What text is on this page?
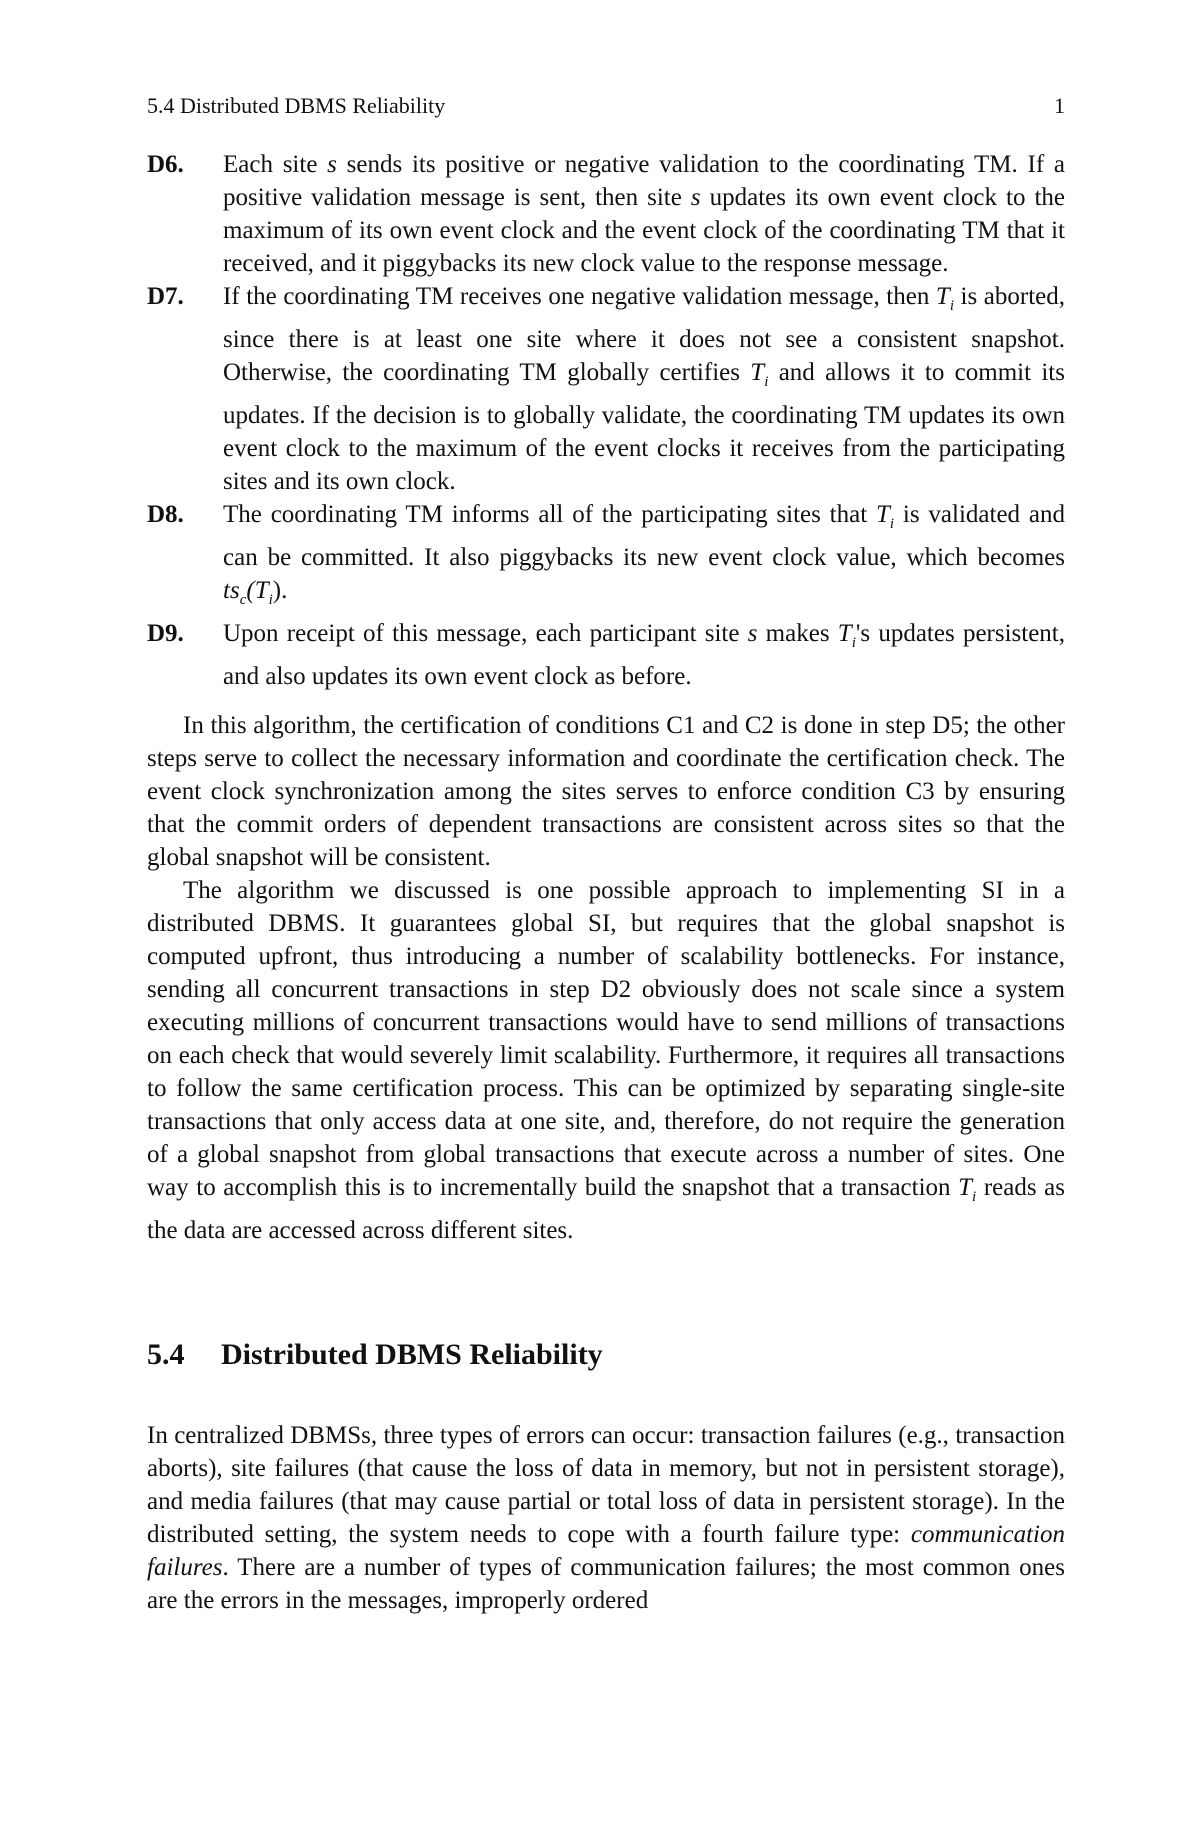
5.4 Distributed DBMS Reliability	1

D6. Each site s sends its positive or negative validation to the coordinating TM. If a positive validation message is sent, then site s updates its own event clock to the maximum of its own event clock and the event clock of the coordinating TM that it received, and it piggybacks its new clock value to the response message.

D7. If the coordinating TM receives one negative validation message, then $T_i$ is aborted, since there is at least one site where it does not see a consistent snapshot. Otherwise, the coordinating TM globally certifies $T_i$ and allows it to commit its updates. If the decision is to globally validate, the coordinating TM updates its own event clock to the maximum of the event clocks it receives from the participating sites and its own clock.

D8. The coordinating TM informs all of the participating sites that $T_i$ is validated and can be committed. It also piggybacks its new event clock value, which becomes $ts_c(T_i)$.

D9. Upon receipt of this message, each participant site s makes $T_i's$ updates persistent, and also updates its own event clock as before.

In this algorithm, the certification of conditions C1 and C2 is done in step D5; the other steps serve to collect the necessary information and coordinate the certification check. The event clock synchronization among the sites serves to enforce condition C3 by ensuring that the commit orders of dependent transactions are consistent across sites so that the global snapshot will be consistent.

The algorithm we discussed is one possible approach to implementing SI in a distributed DBMS. It guarantees global SI, but requires that the global snapshot is computed upfront, thus introducing a number of scalability bottlenecks. For instance, sending all concurrent transactions in step D2 obviously does not scale since a system executing millions of concurrent transactions would have to send millions of transactions on each check that would severely limit scalability. Furthermore, it requires all transactions to follow the same certification process. This can be optimized by separating single-site transactions that only access data at one site, and, therefore, do not require the generation of a global snapshot from global transactions that execute across a number of sites. One way to accomplish this is to incrementally build the snapshot that a transaction $T_i$ reads as the data are accessed across different sites.

5.4 Distributed DBMS Reliability

In centralized DBMSs, three types of errors can occur: transaction failures (e.g., transaction aborts), site failures (that cause the loss of data in memory, but not in persistent storage), and media failures (that may cause partial or total loss of data in persistent storage). In the distributed setting, the system needs to cope with a fourth failure type: communication failures. There are a number of types of communication failures; the most common ones are the errors in the messages, improperly ordered
